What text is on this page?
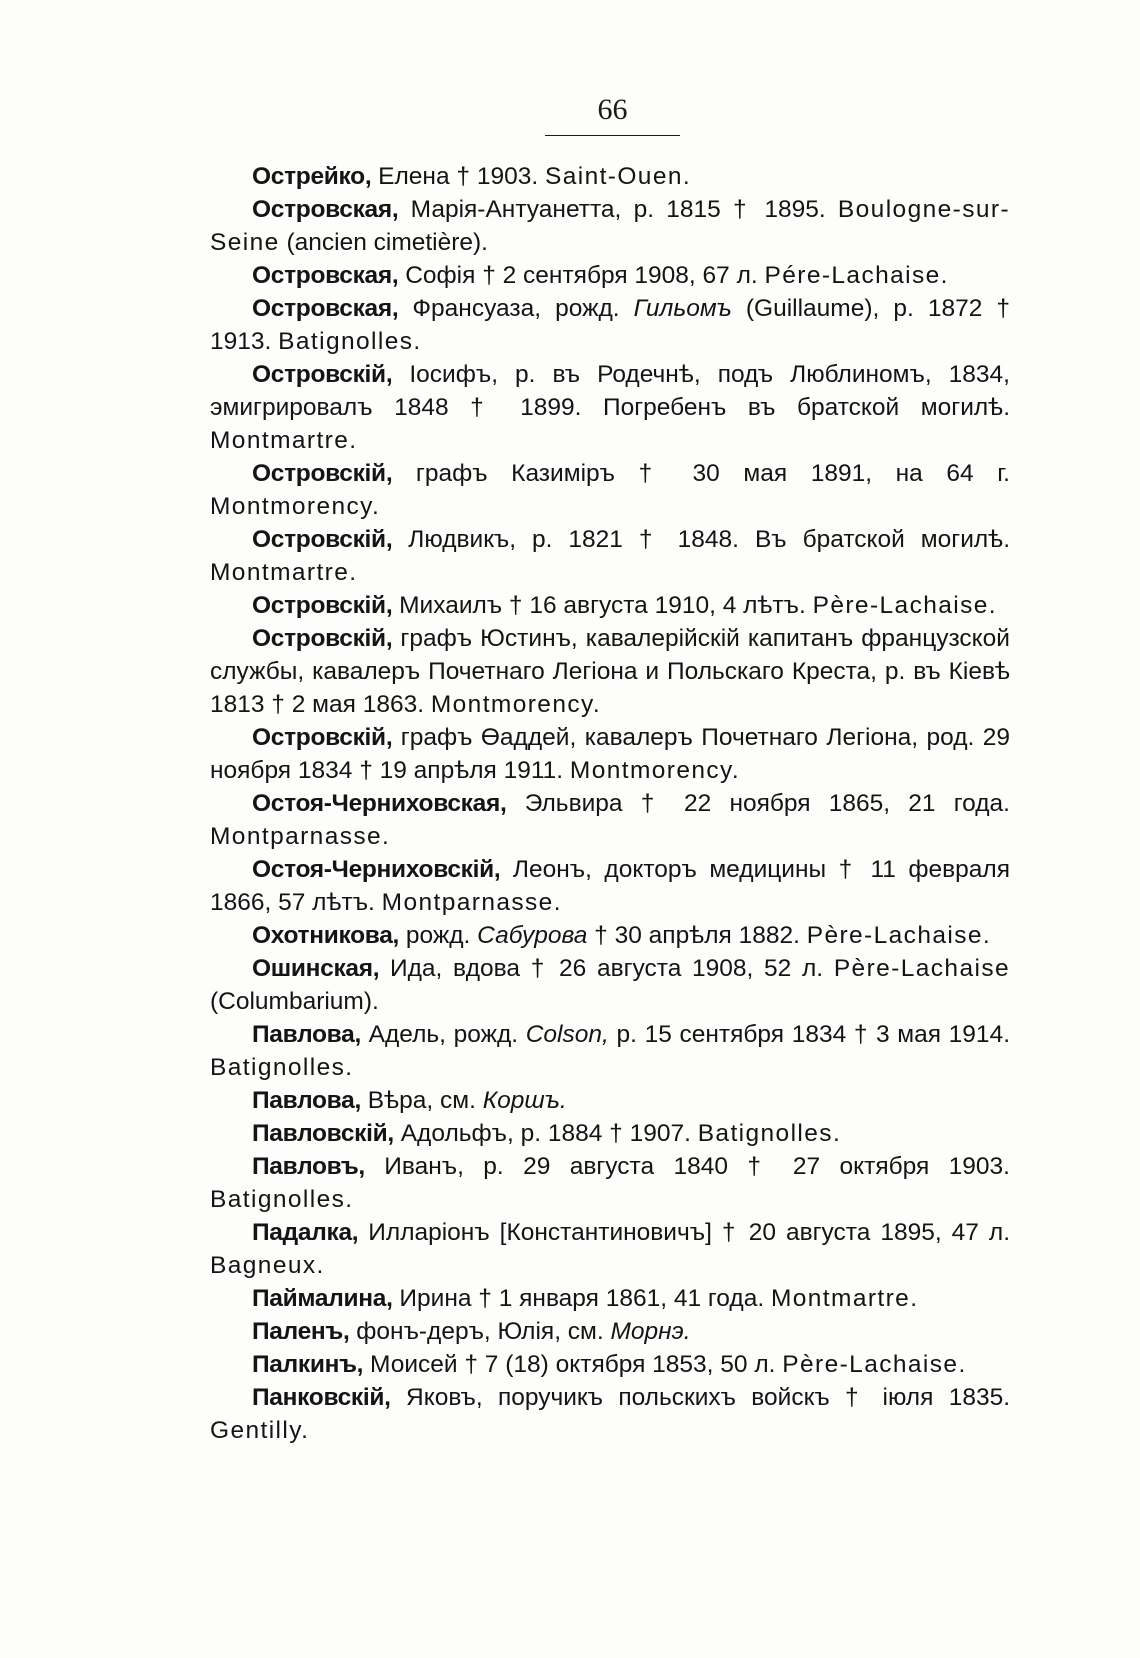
66

Острейко, Елена † 1903. Saint-Ouen.

Островская, Марія-Антуанетта, р. 1815 † 1895. Boulogne-sur-Seine (ancien cimetière).

Островская, Софія † 2 сентября 1908, 67 л. Pére-Lachaise.

Островская, Франсуаза, рожд. Гильомъ (Guillaume), р. 1872 † 1913. Batignolles.

Островскій, Іосифъ, р. въ Родечнѣ, подъ Люблиномъ, 1834, эмигрировалъ 1848 † 1899. Погребенъ въ братской могилѣ. Montmartre.

Островскій, графъ Казиміръ † 30 мая 1891, на 64 г. Montmorency.

Островскій, Людвикъ, р. 1821 † 1848. Въ братской могилѣ. Montmartre.

Островскій, Михаилъ † 16 августа 1910, 4 лѣтъ. Père-Lachaise.

Островскій, графъ Юстинъ, кавалерійскій капитанъ французской службы, кавалеръ Почетнаго Легіона и Польскаго Креста, р. въ Кіевѣ 1813 † 2 мая 1863. Montmorency.

Островскій, графъ Өаддей, кавалеръ Почетнаго Легіона, род. 29 ноября 1834 † 19 апрѣля 1911. Montmorency.

Остоя-Черниховская, Эльвира † 22 ноября 1865, 21 года. Montparnasse.

Остоя-Черниховскій, Леонъ, докторъ медицины † 11 февраля 1866, 57 лѣтъ. Montparnasse.

Охотникова, рожд. Сабурова † 30 апрѣля 1882. Père-Lachaise.

Ошинская, Ида, вдова † 26 августа 1908, 52 л. Père-Lachaise (Columbarium).

Павлова, Адель, рожд. Colson, р. 15 сентября 1834 † 3 мая 1914. Batignolles.

Павлова, Вѣра, см. Коршъ.

Павловскій, Адольфъ, р. 1884 † 1907. Batignolles.

Павловъ, Иванъ, р. 29 августа 1840 † 27 октября 1903. Batignolles.

Падалка, Илларіонъ [Константиновичъ] † 20 августа 1895, 47 л. Bagneux.

Паймалина, Ирина † 1 января 1861, 41 года. Montmartre.

Паленъ, фонъ-деръ, Юлія, см. Морнэ.

Палкинъ, Моисей † 7 (18) октября 1853, 50 л. Père-Lachaise.

Панковскій, Яковъ, поручикъ польскихъ войскъ † іюля 1835. Gentilly.
